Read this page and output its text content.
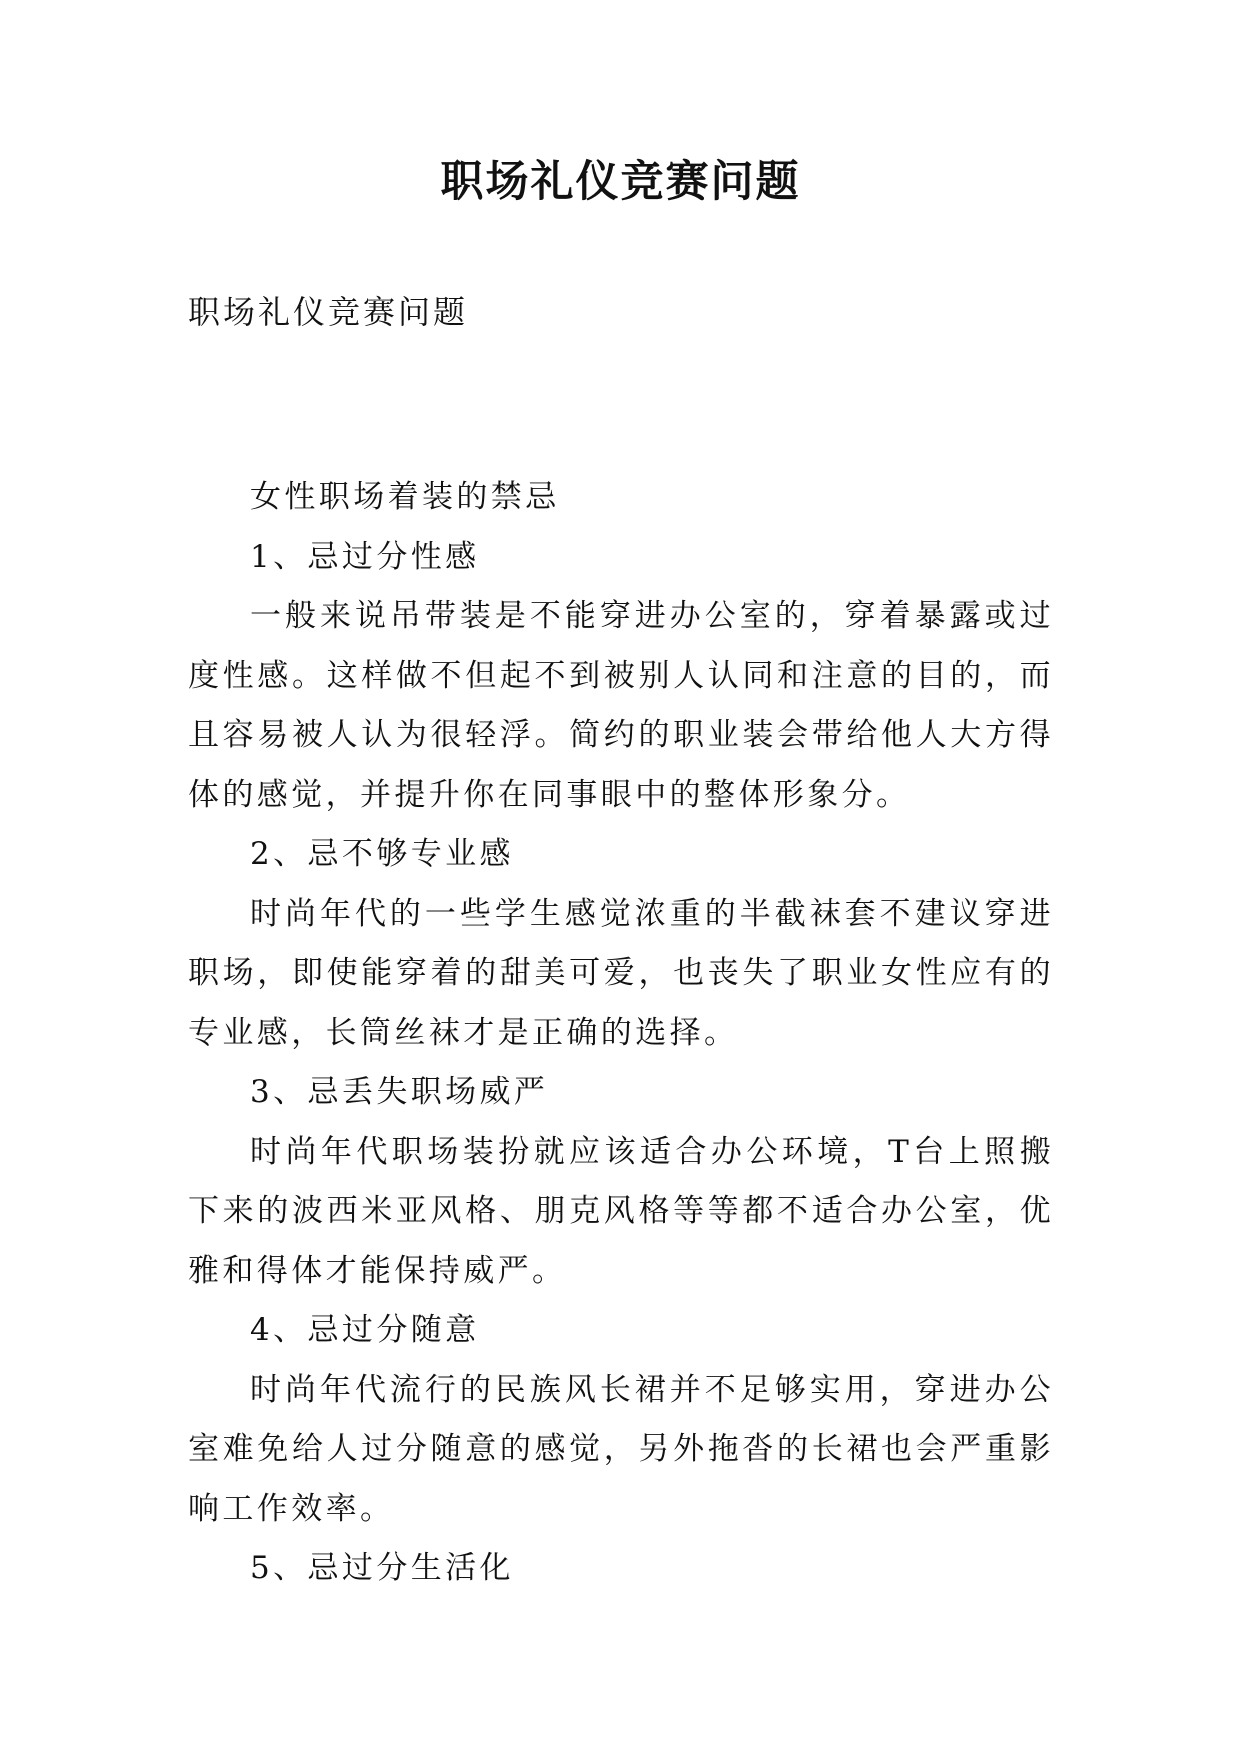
职场礼仪竞赛问题
职场礼仪竞赛问题

女性职场着装的禁忌

1、忌过分性感

一般来说吊带装是不能穿进办公室的，穿着暴露或过度性感。这样做不但起不到被别人认同和注意的目的，而且容易被人认为很轻浮。简约的职业装会带给他人大方得体的感觉，并提升你在同事眼中的整体形象分。

2、忌不够专业感

时尚年代的一些学生感觉浓重的半截袜套不建议穿进职场，即使能穿着的甜美可爱，也丧失了职业女性应有的专业感，长筒丝袜才是正确的选择。

3、忌丢失职场威严

时尚年代职场装扮就应该适合办公环境，T台上照搬下来的波西米亚风格、朋克风格等等都不适合办公室，优雅和得体才能保持威严。

4、忌过分随意

时尚年代流行的民族风长裙并不足够实用，穿进办公室难免给人过分随意的感觉，另外拖沓的长裙也会严重影响工作效率。

5、忌过分生活化
